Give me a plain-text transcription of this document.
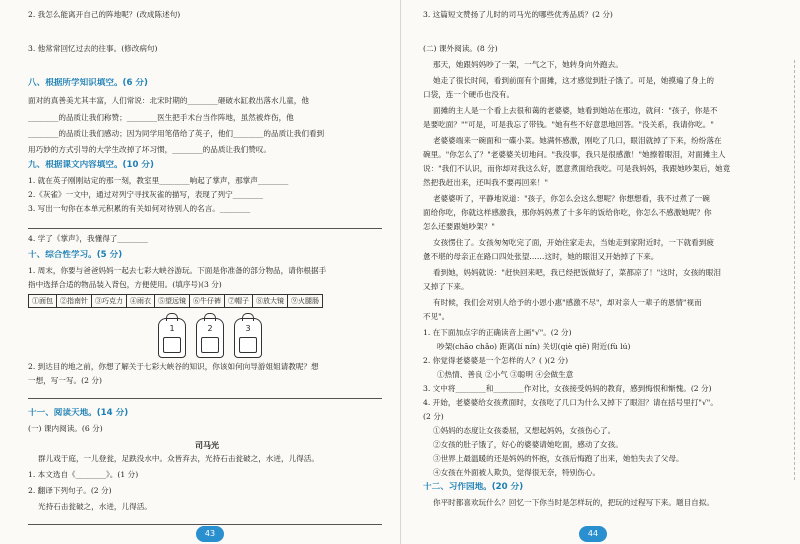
2. 我怎么能离开自己的阵地呢？(改成陈述句)
3. 他常常回忆过去的往事。(修改病句)
八、根据所学知识填空。(6 分)
面对的真善美尤其丰富，人们常说：北宋时期的________砸破水缸救出落水儿童，他
________的品质让我们称赞；________医生把手术台当作阵地，虽然被炸伤，他
________的品质让我们感动；因为同学用笔借给了英子，他们________的品质让我们看到
用巧妙的方式引导的大学生改掉了坏习惯，________的品质让我们赞叹。
九、根据课文内容填空。(10 分)
1. 就在英子刚刚站定的那一刻，教室里________响起了掌声，那掌声________
2.《灰雀》一文中，通过对列宁寻找灰雀的描写，表现了列宁________
3. 写出一句你在本单元积累的有关如何对待别人的名言。________
4. 学了《掌声》，我懂得了________
十、综合性学习。(5 分)
1. 周末，你要与爸爸妈妈一起去七彩大峡谷游玩。下面是你准备的部分物品，请你根据手
指中选择合适的物品装入背包，方便使用。(填序号)(3 分)
①面包	②指南针	③巧克力	④雨衣	⑤望远镜	⑥牛仔裤	⑦帽子	⑧放大镜	⑨火腿肠
1	2	3
2. 到达目的地之前，你想了解关于七彩大峡谷的知识，你该如何向导游姐姐请教呢？想
一想，写一写。(2 分)
十一、阅读天地。(14 分)
(一) 课内阅读。(6 分)
司马光
群儿戏于庭，一儿登瓮，足跌没水中。众皆弃去，光持石击瓮破之，水迸，儿得活。
1. 本文选自《________》。(1 分)
2. 翻译下列句子。(2 分)
光持石击瓮破之，水迸，儿得活。
43
3. 这篇短文赞扬了儿时的司马光的哪些优秀品质？(2 分)
(二) 课外阅读。(8 分)
那天，她跟妈妈吵了一架，一气之下，她转身向外跑去。
她走了很长时间，看到前面有个面摊，这才感觉到肚子饿了。可是，她摸遍了身上的
口袋，连一个硬币也没有。
面摊的主人是一个看上去很和蔼的老婆婆，她看到她站在那边，就问："孩子，你是不
是要吃面？""可是，可是我忘了带钱。"她有些不好意思地回答。"没关系，我请你吃。"
老婆婆端来一碗面和一碟小菜。她满怀感激，刚吃了几口，眼泪就掉了下来，纷纷落在
碗里。"你怎么了？"老婆婆关切地问。"我没事，我只是很感激！"她擦着眼泪，对面摊主人
说："我们不认识，而你却对我这么好，愿意煮面给我吃。可是我妈妈，我跟她吵架后，她竟
然把我赶出来，还叫我不要再回来！"
老婆婆听了，平静地说道："孩子，你怎么会这么想呢？你想想看，我不过煮了一碗
面给你吃，你就这样感激我，那你妈妈煮了十多年的饭给你吃，你怎么不感激她呢？你
怎么还要跟她吵架？"
女孩愣住了。女孩匆匆吃完了面，开始往家走去，当她走到家附近时，一下就看到疲
惫不堪的母亲正在路口四处张望……这时，她的眼泪又开始掉了下来。
看到她，妈妈就说："赶快回来吧，我已经把饭做好了，菜都凉了！"这时，女孩的眼泪
又掉了下来。
有时候，我们会对别人给予的小恩小惠"感激不尽"，却对亲人一辈子的恩情"视而
不见"。
1. 在下面加点字的正确读音上画"√"。(2 分)
吵架(chāo chǎo) 距离(lí nín) 关切(qiè qiē) 附近(fù lú)
2. 你觉得老婆婆是一个怎样的人？( )(2 分)
①热情、善良 ②小气 ③聪明 ④会做生意
3. 文中将________和________作对比，女孩接受妈妈的教育，感到悔恨和惭愧。(2 分)
4. 开始，老婆婆给女孩煮面时，女孩吃了几口为什么又掉下了眼泪？请在括号里打"√"。
(2 分)
①妈妈的态度让女孩委屈，又想起妈妈，女孩伤心了。
②女孩的肚子饿了，好心的婆婆请她吃面，感动了女孩。
③世界上最温暖的还是妈妈的怀抱，女孩后悔跑了出来，她怕失去了父母。
④女孩在外面被人欺负，觉得很无奈，特别伤心。
十二、习作园地。(20 分)
你平时都喜欢玩什么？回忆一下你当时是怎样玩的，把玩的过程写下来。题目自拟。
44
